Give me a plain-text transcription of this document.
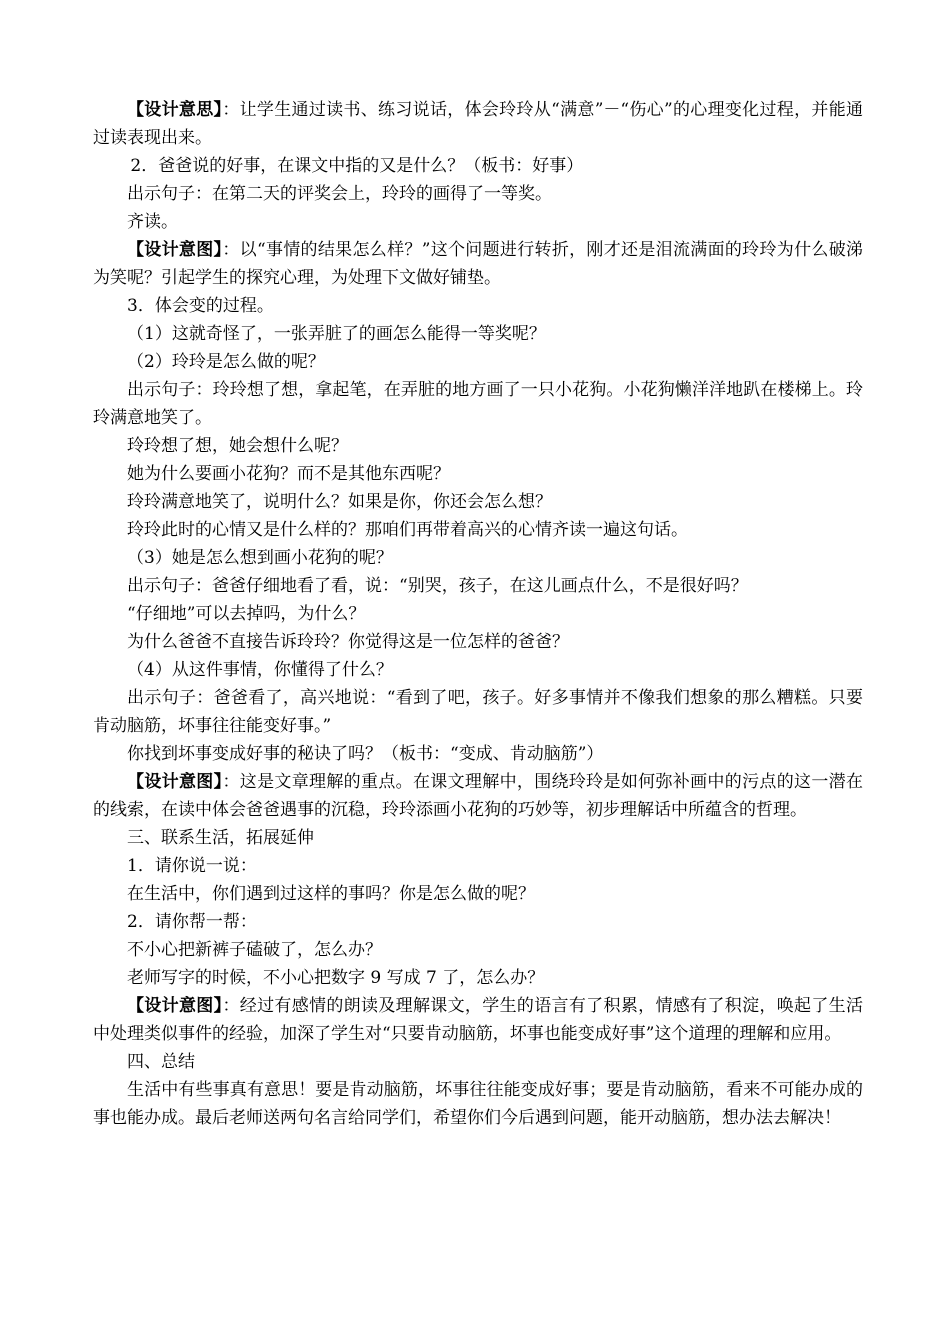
【设计意思】：让学生通过读书、练习说话，体会玲玲从“满意”－“伤心”的心理变化过程，并能通过读表现出来。

2．爸爸说的好事，在课文中指的又是什么？（板书：好事）

出示句子：在第二天的评奖会上，玲玲的画得了一等奖。

齐读。

【设计意图】：以“事情的结果怎么样？”这个问题进行转折，刚才还是泪流满面的玲玲为什么破涕为笑呢？引起学生的探究心理，为处理下文做好铺垫。

3．体会变的过程。

（1）这就奇怪了，一张弄脏了的画怎么能得一等奖呢？

（2）玲玲是怎么做的呢？

出示句子：玲玲想了想，拿起笔，在弄脏的地方画了一只小花狗。小花狗懒洋洋地趴在楼梯上。玲玲满意地笑了。

玲玲想了想，她会想什么呢？

她为什么要画小花狗？而不是其他东西呢？

玲玲满意地笑了，说明什么？如果是你，你还会怎么想？

玲玲此时的心情又是什么样的？那咱们再带着高兴的心情齐读一遍这句话。

（3）她是怎么想到画小花狗的呢？

出示句子：爸爸仔细地看了看，说：“别哭，孩子，在这儿画点什么，不是很好吗？

“仔细地”可以去掉吗，为什么？

为什么爸爸不直接告诉玲玲？你觉得这是一位怎样的爸爸？

（4）从这件事情，你懂得了什么？

出示句子：爸爸看了，高兴地说：“看到了吧，孩子。好多事情并不像我们想象的那么糟糕。只要肯动脑筋，坏事往往能变好事。”

你找到坏事变成好事的秘诀了吗？（板书：“变成、肯动脑筋”）

【设计意图】：这是文章理解的重点。在课文理解中，围绕玲玲是如何弥补画中的污点的这一潜在的线索，在读中体会爸爸遇事的沉稳，玲玲添画小花狗的巧妙等，初步理解话中所蕴含的哲理。

三、联系生活，拓展延伸

1．请你说一说：

在生活中，你们遇到过这样的事吗？你是怎么做的呢？

2．请你帮一帮：

不小心把新裤子磕破了，怎么办？

老师写字的时候，不小心把数字 9 写成 7 了，怎么办？

【设计意图】：经过有感情的朗读及理解课文，学生的语言有了积累，情感有了积淀，唤起了生活中处理类似事件的经验，加深了学生对“只要肯动脑筋，坏事也能变成好事”这个道理的理解和应用。

四、总结

生活中有些事真有意思！要是肯动脑筋，坏事往往能变成好事；要是肯动脑筋，看来不可能办成的事也能办成。最后老师送两句名言给同学们，希望你们今后遇到问题，能开动脑筋，想办法去解决！
